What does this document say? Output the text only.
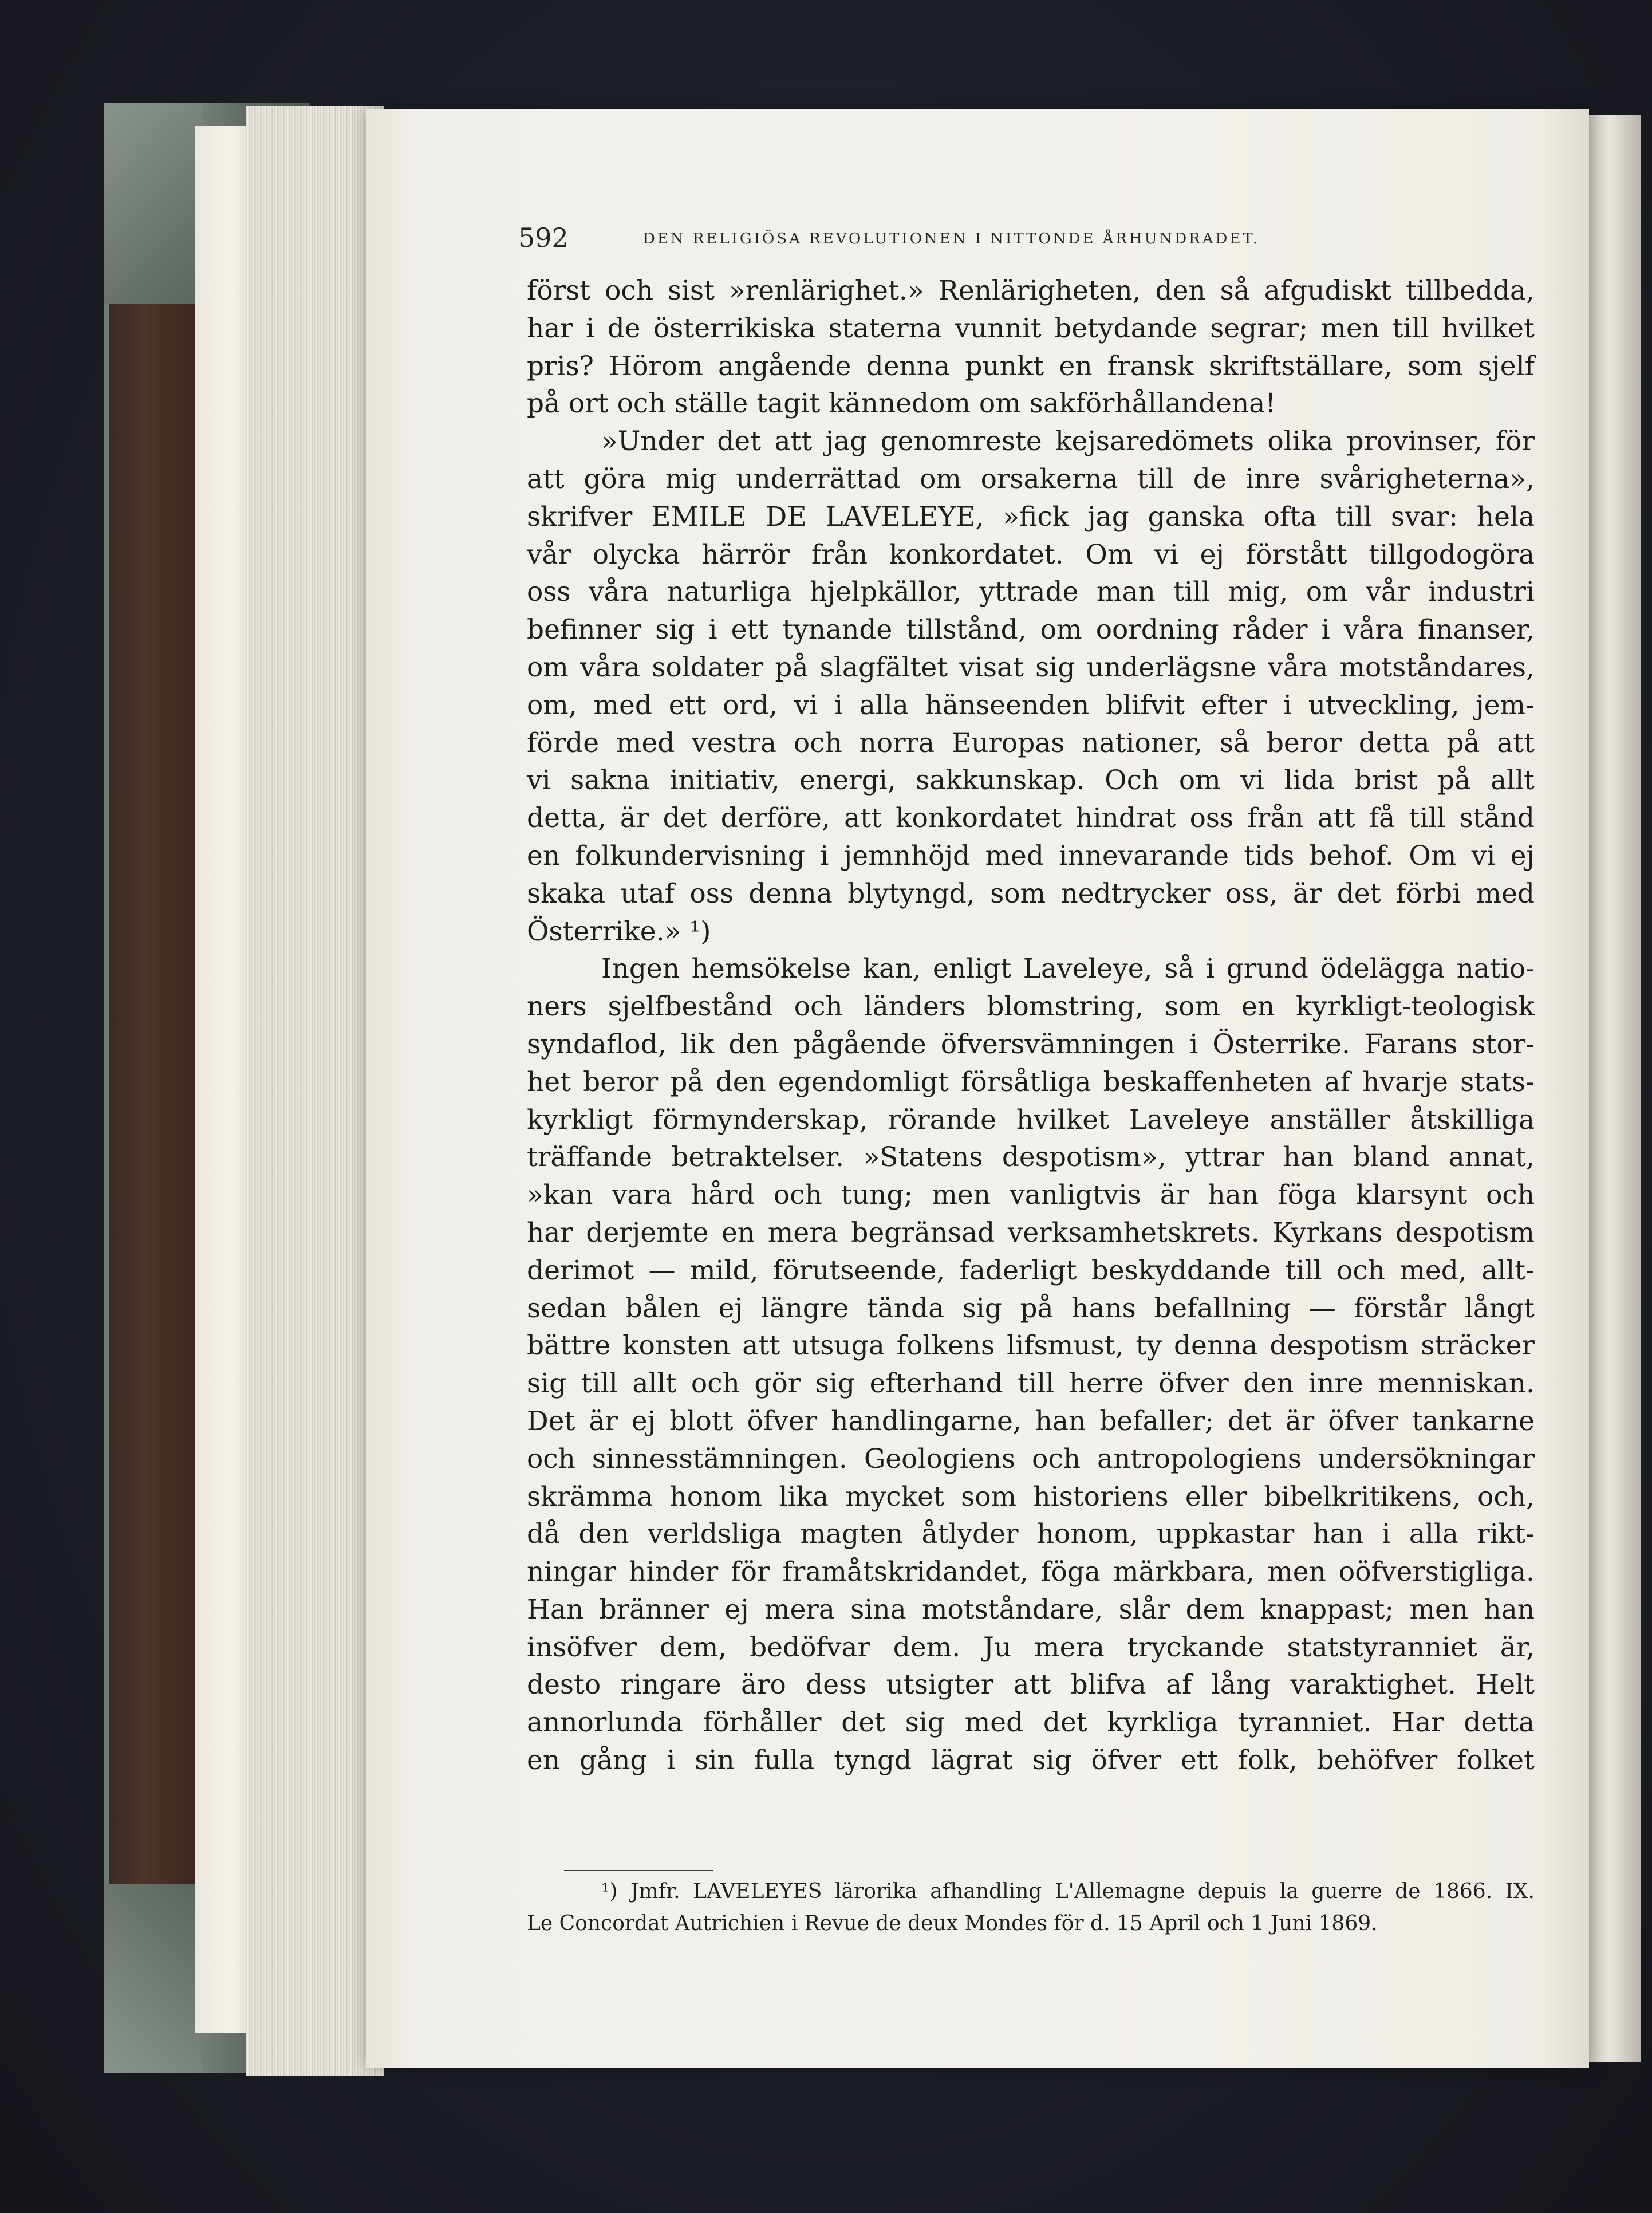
592	DEN RELIGIÖSA REVOLUTIONEN I NITTONDE ÅRHUNDRADET.
först och sist »renlärighet.» Renlärigheten, den så afgudiskt tillbedda,
har i de österrikiska staterna vunnit betydande segrar; men till hvilket
pris? Hörom angående denna punkt en fransk skriftställare, som sjelf
på ort och ställe tagit kännedom om sakförhållandena!
»Under det att jag genomreste kejsaredömets olika provinser, för
att göra mig underrättad om orsakerna till de inre svårigheterna»,
skrifver EMILE DE LAVELEYE, »fick jag ganska ofta till svar: hela
vår olycka härrör från konkordatet. Om vi ej förstått tillgodogöra
oss våra naturliga hjelpkällor, yttrade man till mig, om vår industri
befinner sig i ett tynande tillstånd, om oordning råder i våra finanser,
om våra soldater på slagfältet visat sig underlägsne våra motståndares,
om, med ett ord, vi i alla hänseenden blifvit efter i utveckling, jem-
förde med vestra och norra Europas nationer, så beror detta på att
vi sakna initiativ, energi, sakkunskap. Och om vi lida brist på allt
detta, är det derföre, att konkordatet hindrat oss från att få till stånd
en folkundervisning i jemnhöjd med innevarande tids behof. Om vi ej
skaka utaf oss denna blytyngd, som nedtrycker oss, är det förbi med
Österrike.» ¹)
Ingen hemsökelse kan, enligt Laveleye, så i grund ödelägga natio-
ners sjelfbestånd och länders blomstring, som en kyrkligt-teologisk
syndaflod, lik den pågående öfversvämningen i Österrike. Farans stor-
het beror på den egendomligt försåtliga beskaffenheten af hvarje stats-
kyrkligt förmynderskap, rörande hvilket Laveleye anställer åtskilliga
träffande betraktelser. »Statens despotism», yttrar han bland annat,
»kan vara hård och tung; men vanligtvis är han föga klarsynt och
har derjemte en mera begränsad verksamhetskrets. Kyrkans despotism
derimot — mild, förutseende, faderligt beskyddande till och med, allt-
sedan bålen ej längre tända sig på hans befallning — förstår långt
bättre konsten att utsuga folkens lifsmust, ty denna despotism sträcker
sig till allt och gör sig efterhand till herre öfver den inre menniskan.
Det är ej blott öfver handlingarne, han befaller; det är öfver tankarne
och sinnesstämningen. Geologiens och antropologiens undersökningar
skrämma honom lika mycket som historiens eller bibelkritikens, och,
då den verldsliga magten åtlyder honom, uppkastar han i alla rikt-
ningar hinder för framåtskridandet, föga märkbara, men oöfverstigliga.
Han bränner ej mera sina motståndare, slår dem knappast; men han
insöfver dem, bedöfvar dem. Ju mera tryckande statstyranniet är,
desto ringare äro dess utsigter att blifva af lång varaktighet. Helt
annorlunda förhåller det sig med det kyrkliga tyranniet. Har detta
en gång i sin fulla tyngd lägrat sig öfver ett folk, behöfver folket
¹) Jmfr. LAVELEYES lärorika afhandling L'Allemagne depuis la guerre de 1866. IX.
Le Concordat Autrichien i Revue de deux Mondes för d. 15 April och 1 Juni 1869.
